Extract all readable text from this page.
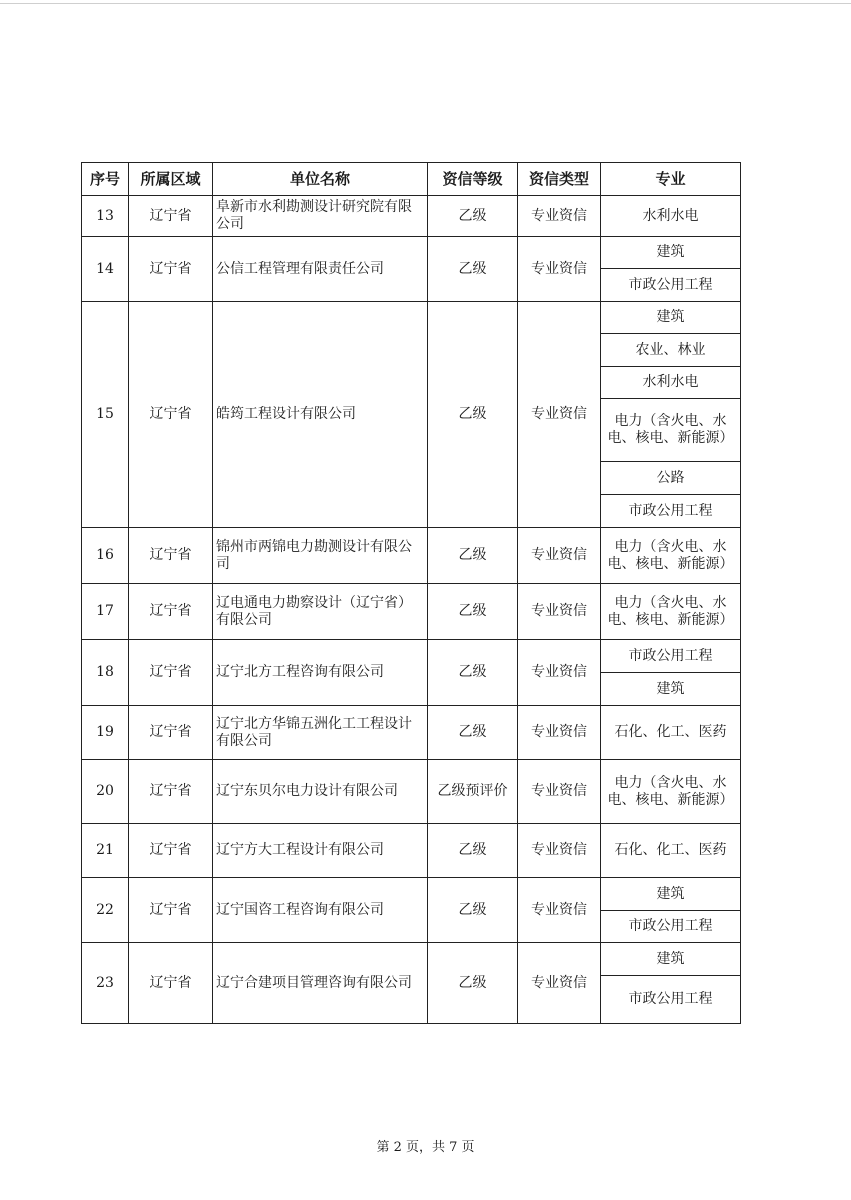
序号	所属区域	单位名称	资信等级	资信类型	专业
13	辽宁省	阜新市水利勘测设计研究院有限公司	乙级	专业资信	水利水电
14	辽宁省	公信工程管理有限责任公司	乙级	专业资信	建筑
					市政公用工程
15	辽宁省	皓筠工程设计有限公司	乙级	专业资信	建筑
					农业、林业
					水利水电
					电力（含火电、水电、核电、新能源）
					公路
					市政公用工程
16	辽宁省	锦州市两锦电力勘测设计有限公司	乙级	专业资信	电力（含火电、水电、核电、新能源）
17	辽宁省	辽电通电力勘察设计（辽宁省）有限公司	乙级	专业资信	电力（含火电、水电、核电、新能源）
18	辽宁省	辽宁北方工程咨询有限公司	乙级	专业资信	市政公用工程
					建筑
19	辽宁省	辽宁北方华锦五洲化工工程设计有限公司	乙级	专业资信	石化、化工、医药
20	辽宁省	辽宁东贝尔电力设计有限公司	乙级预评价	专业资信	电力（含火电、水电、核电、新能源）
21	辽宁省	辽宁方大工程设计有限公司	乙级	专业资信	石化、化工、医药
22	辽宁省	辽宁国咨工程咨询有限公司	乙级	专业资信	建筑
					市政公用工程
23	辽宁省	辽宁合建项目管理咨询有限公司	乙级	专业资信	建筑
					市政公用工程
第 2 页，共 7 页
